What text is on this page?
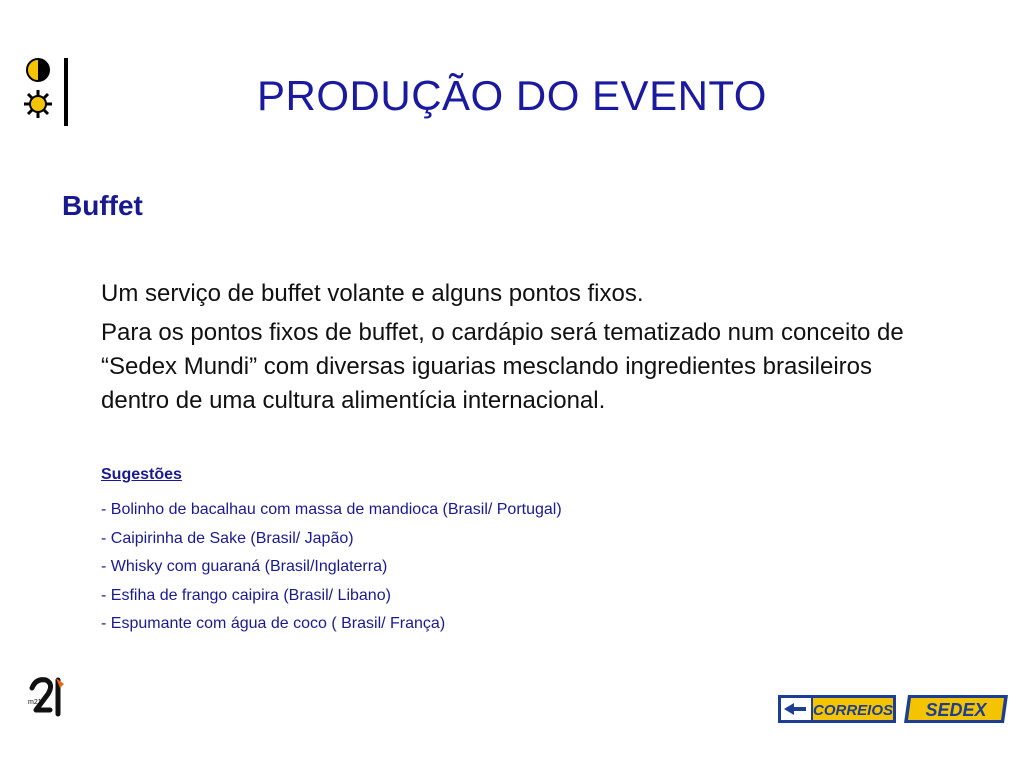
PRODUÇÃO DO EVENTO
Buffet
Um serviço de buffet volante e alguns pontos fixos.
Para os pontos fixos de buffet, o cardápio será tematizado num conceito de “Sedex Mundi” com diversas iguarias mesclando ingredientes brasileiros dentro de uma cultura alimentícia internacional.
Sugestões
- Bolinho de bacalhau com massa de mandioca (Brasil/ Portugal)
- Caipirinha de Sake (Brasil/ Japão)
- Whisky com guaraná (Brasil/Inglaterra)
- Esfiha de frango caipira (Brasil/ Libano)
- Espumante com água de coco ( Brasil/ França)
m21	CORREIOS SEDEX
